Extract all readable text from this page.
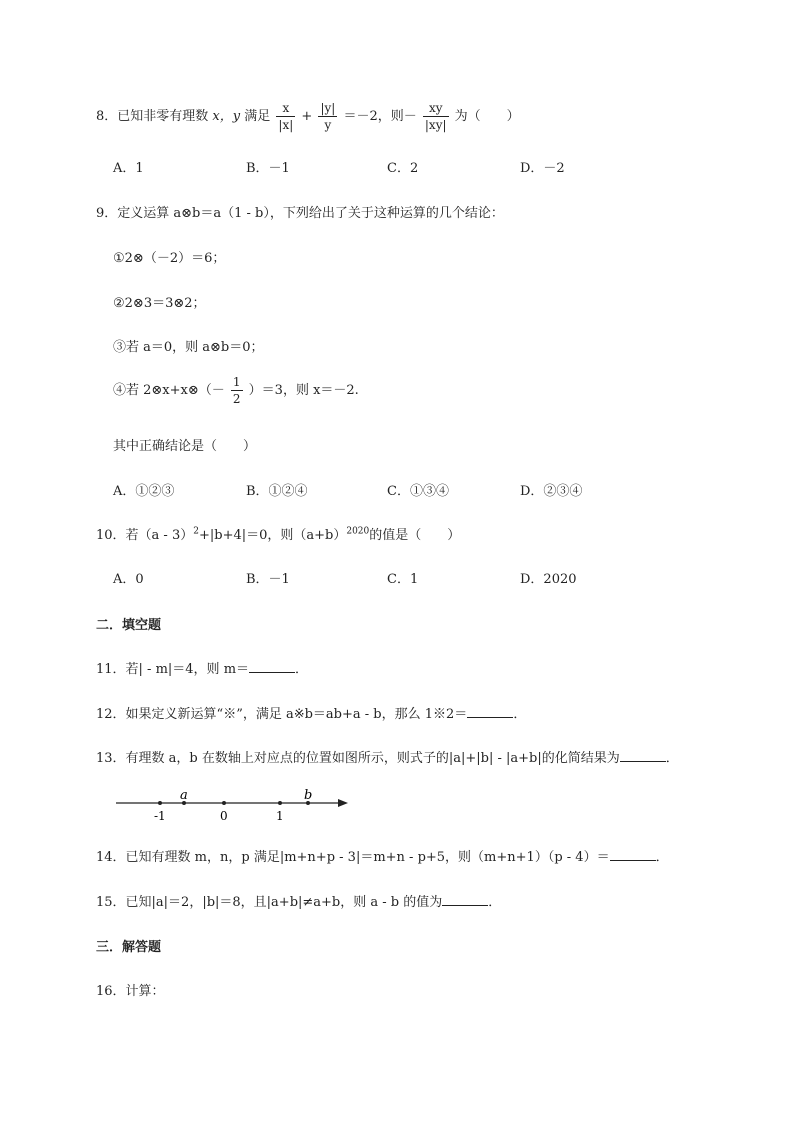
8．已知非零有理数 x，y 满足 $\frac{x}{|x|} + \frac{|y|}{y} =-2$，则－ $\frac{xy}{|xy|}$ 为（　　）
A．1	B．－1	C．2	D．－2
9．定义运算 a⊗b＝a（1 - b），下列给出了关于这种运算的几个结论：
①2⊗（－2）＝6；
②2⊗3＝3⊗2；
③若 a＝0，则 a⊗b＝0；
④若 2⊗x+x⊗（－ $\frac{1}{2} )=3$，则 x＝－2.
其中正确结论是（　　）
A．①②③	B．①②④	C．①③④	D．②③④
10．若（a - 3）$^2$+|b+4|＝0，则$(a+b)^{2020}$的值是（　　）
A．0	B．－1	C．1	D．2020
二．填空题
11．若| - m|＝4，则 m＝	．
12．如果定义新运算“※”，满足 a※b＝ab+a - b，那么 1※2＝	．
13．有理数 a，b 在数轴上对应点的位置如图所示，则式子的|a|+|b| - |a+b|的化简结果为	．
a	b
-1	0	1
14．已知有理数 m，n，p 满足|m+n+p - 3|＝m+n - p+5，则（m+n+1）（p - 4）＝	．
15．已知|a|＝2，|b|＝8，且|a+b|≠a+b，则 a - b 的值为	．
三．解答题
16．计算：
